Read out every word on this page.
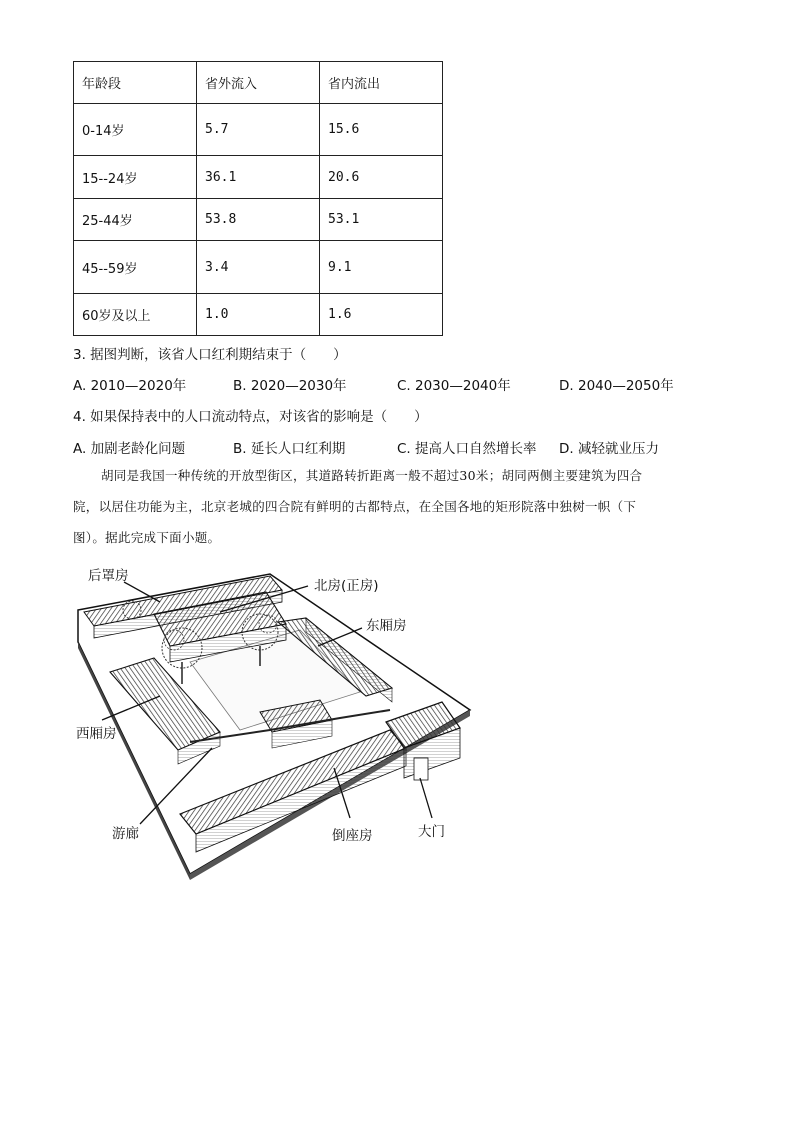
年龄段	省外流入	省内流出
0-14岁	5.7	15.6
15--24岁	36.1	20.6
25-44岁	53.8	53.1
45--59岁	3.4	9.1
60岁及以上	1.0	1.6
3. 据图判断，该省人口红利期结束于（　　）
A. 2010—2020年	B. 2020—2030年	C. 2030—2040年	D. 2040—2050年
4. 如果保持表中的人口流动特点，对该省的影响是（　　）
A. 加剧老龄化问题	B. 延长人口红利期	C. 提高人口自然增长率 D. 减轻就业压力
胡同是我国一种传统的开放型街区，其道路转折距离一般不超过30米；胡同两侧主要建筑为四合
院，以居住功能为主，北京老城的四合院有鲜明的古都特点，在全国各地的矩形院落中独树一帜（下
图）。据此完成下面小题。
后罩房
北房(正房)
东厢房
西厢房
游廊	倒座房	大门
